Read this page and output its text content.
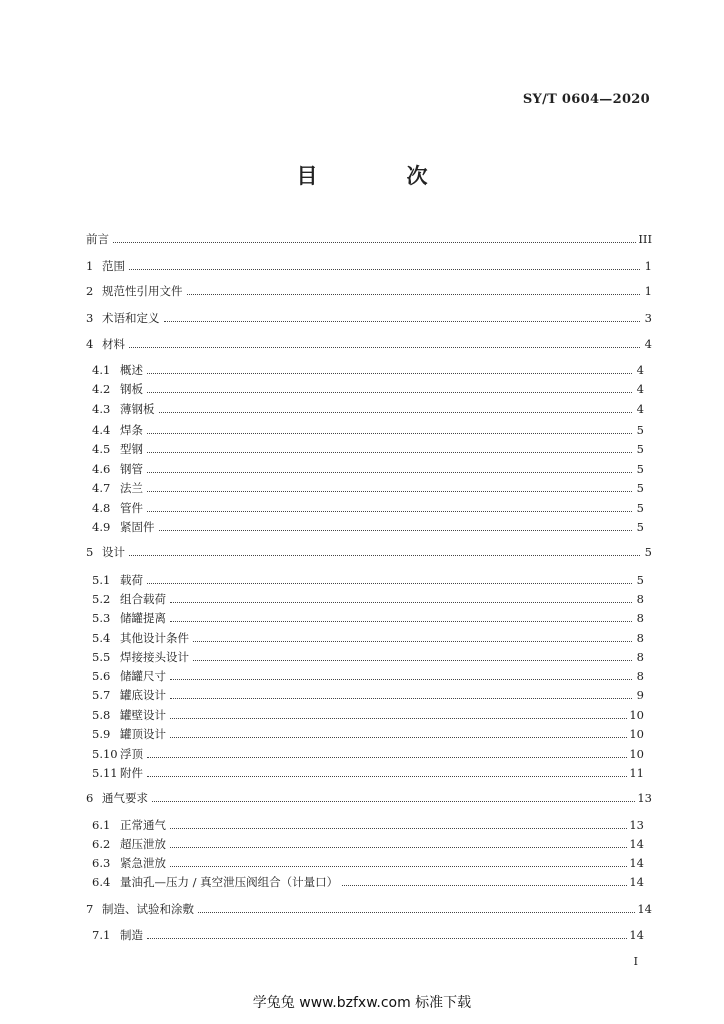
SY/T 0604—2020
目　次
前言	III
1 范围	1
2 规范性引用文件	1
3 术语和定义	3
4 材料	4
4.1 概述	4
4.2 钢板	4
4.3 薄钢板	4
4.4 焊条	5
4.5 型钢	5
4.6 钢管	5
4.7 法兰	5
4.8 管件	5
4.9 紧固件	5
5 设计	5
5.1 载荷	5
5.2 组合载荷	8
5.3 储罐提离	8
5.4 其他设计条件	8
5.5 焊接接头设计	8
5.6 储罐尺寸	8
5.7 罐底设计	9
5.8 罐壁设计	10
5.9 罐顶设计	10
5.10 浮顶	10
5.11 附件	11
6 通气要求	13
6.1 正常通气	13
6.2 超压泄放	14
6.3 紧急泄放	14
6.4 量油孔—压力 / 真空泄压阀组合（计量口）	14
7 制造、试验和涂敷	14
7.1 制造	14
I
学兔兔 www.bzfxw.com 标准下载
